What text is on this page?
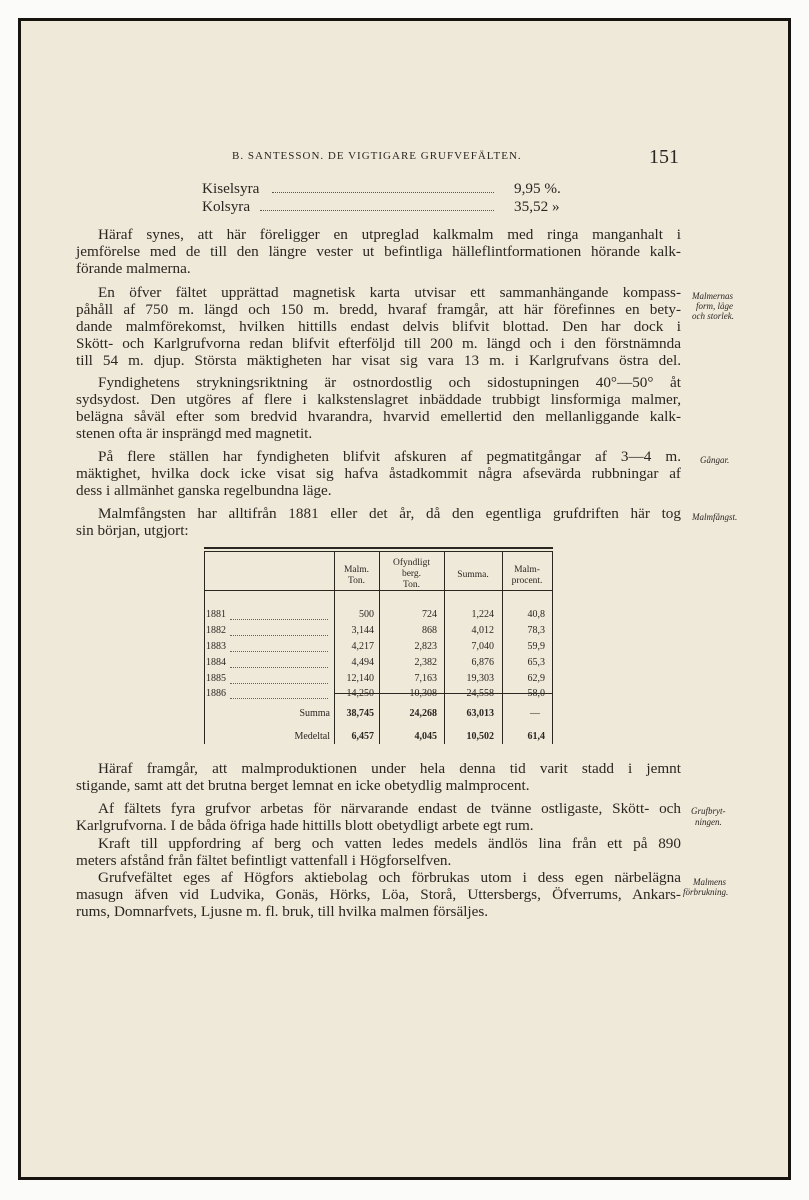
B. SANTESSON. DE VIGTIGARE GRUFVEFÄLTEN.	151
Kiselsyra	9,95 %.
Kolsyra	35,52 »
Häraf synes, att här föreligger en utpreglad kalkmalm med ringa manganhalt i
jemförelse med de till den längre vester ut befintliga hälleflintformationen hörande kalk-
förande malmerna.
En öfver fältet upprättad magnetisk karta utvisar ett sammanhängande kompass-
påhåll af 750 m. längd och 150 m. bredd, hvaraf framgår, att här förefinnes en bety-
dande malmförekomst, hvilken hittills endast delvis blifvit blottad. Den har dock i
Skött- och Karlgrufvorna redan blifvit efterföljd till 200 m. längd och i den förstnämnda
till 54 m. djup. Största mäktigheten har visat sig vara 13 m. i Karlgrufvans östra del.
Fyndighetens strykningsriktning är ostnordostlig och sidostupningen 40°—50° åt
sydsydost. Den utgöres af flere i kalkstenslagret inbäddade trubbigt linsformiga malmer,
belägna såväl efter som bredvid hvarandra, hvarvid emellertid den mellanliggande kalk-
stenen ofta är insprängd med magnetit.
På flere ställen har fyndigheten blifvit afskuren af pegmatitgångar af 3—4 m.
mäktighet, hvilka dock icke visat sig hafva åstadkommit några afsevärda rubbningar af
dess i allmänhet ganska regelbundna läge.
Malmfångsten har alltifrån 1881 eller det år, då den egentliga grufdriften här tog
sin början, utgjort:
Malmernas
form, läge
och storlek.
Gångar.
Malmfångst.
Grufbryt-
ningen.
Malmens
förbrukning.
Malm.
Ton.
Ofyndligt
berg.
Ton.
Summa.	Malm-
procent.
1881	500	724	1,224	40,8
1882	3,144	868	4,012	78,3
1883	4,217	2,823	7,040	59,9
1884	4,494	2,382	6,876	65,3
1885	12,140	7,163	19,303	62,9
1886	14,250	10,308	24,558	58,0
Summa	38,745	24,268	63,013	—
Medeltal	6,457	4,045	10,502	61,4
Häraf framgår, att malmproduktionen under hela denna tid varit stadd i jemnt
stigande, samt att det brutna berget lemnat en icke obetydlig malmprocent.
Af fältets fyra grufvor arbetas för närvarande endast de tvänne ostligaste, Skött- och
Karlgrufvorna. I de båda öfriga hade hittills blott obetydligt arbete egt rum.
Kraft till uppfordring af berg och vatten ledes medels ändlös lina från ett på 890
meters afstånd från fältet befintligt vattenfall i Högforselfven.
Grufvefältet eges af Högfors aktiebolag och förbrukas utom i dess egen närbelägna
masugn äfven vid Ludvika, Gonäs, Hörks, Löa, Storå, Uttersbergs, Öfverrums, Ankars-
rums, Domnarfvets, Ljusne m. fl. bruk, till hvilka malmen försäljes.
